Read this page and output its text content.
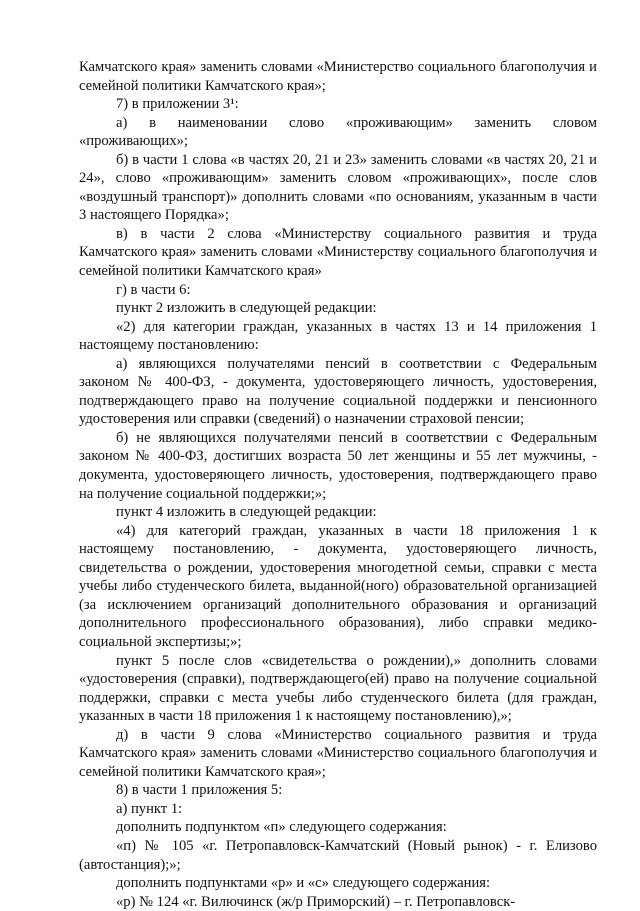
Камчатского края» заменить словами «Министерство социального благополучия и семейной политики Камчатского края»;

7) в приложении 3¹:

а) в наименовании слово «проживающим» заменить словом «проживающих»;

б) в части 1 слова «в частях 20, 21 и 23» заменить словами «в частях 20, 21 и 24», слово «проживающим» заменить словом «проживающих», после слов «воздушный транспорт)» дополнить словами «по основаниям, указанным в части 3 настоящего Порядка»;

в) в части 2 слова «Министерству социального развития и труда Камчатского края» заменить словами «Министерству социального благополучия и семейной политики Камчатского края»

г) в части 6:

пункт 2 изложить в следующей редакции:

«2) для категории граждан, указанных в частях 13 и 14 приложения 1 настоящему постановлению:

а) являющихся получателями пенсий в соответствии с Федеральным законом № 400-ФЗ, - документа, удостоверяющего личность, удостоверения, подтверждающего право на получение социальной поддержки и пенсионного удостоверения или справки (сведений) о назначении страховой пенсии;

б) не являющихся получателями пенсий в соответствии с Федеральным законом № 400-ФЗ, достигших возраста 50 лет женщины и 55 лет мужчины, - документа, удостоверяющего личность, удостоверения, подтверждающего право на получение социальной поддержки;»;

пункт 4 изложить в следующей редакции:

«4) для категорий граждан, указанных в части 18 приложения 1 к настоящему постановлению, - документа, удостоверяющего личность, свидетельства о рождении, удостоверения многодетной семьи, справки с места учебы либо студенческого билета, выданной(ного) образовательной организацией (за исключением организаций дополнительного образования и организаций дополнительного профессионального образования), либо справки медико-социальной экспертизы;»;

пункт 5 после слов «свидетельства о рождении),» дополнить словами «удостоверения (справки), подтверждающего(ей) право на получение социальной поддержки, справки с места учебы либо студенческого билета (для граждан, указанных в части 18 приложения 1 к настоящему постановлению),»;

д) в части 9 слова «Министерство социального развития и труда Камчатского края» заменить словами «Министерство социального благополучия и семейной политики Камчатского края»;

8) в части 1 приложения 5:

а) пункт 1:

дополнить подпунктом «п» следующего содержания:

«п) № 105 «г. Петропавловск-Камчатский (Новый рынок) - г. Елизово (автостанция);»;

дополнить подпунктами «р» и «с» следующего содержания:

«р) № 124 «г. Вилючинск (ж/р Приморский) – г. Петропавловск-
